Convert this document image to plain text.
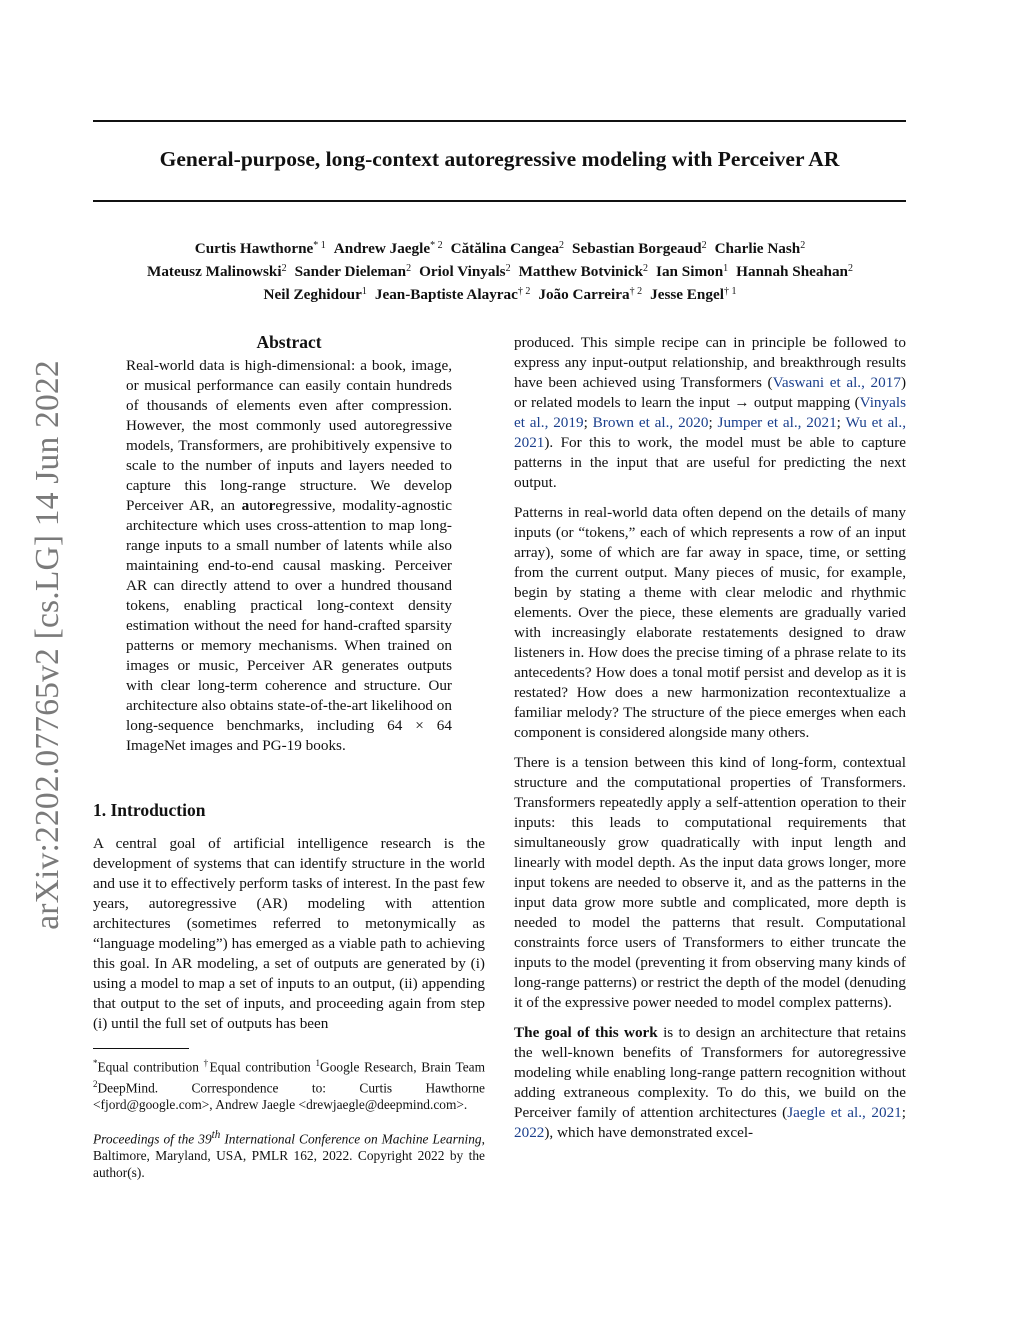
General-purpose, long-context autoregressive modeling with Perceiver AR
Curtis Hawthorne$^{* 1}$ Andrew Jaegle$^{* 2}$ Cătălina Cangea$^2$ Sebastian Borgeaud$^2$ Charlie Nash$^2$
Mateusz Malinowski$^2$ Sander Dieleman$^2$ Oriol Vinyals$^2$ Matthew Botvinick$^2$ Ian Simon$^1$ Hannah Sheahan$^2$
Neil Zeghidour$^1$ Jean-Baptiste Alayrac$^{\dagger 2}$ João Carreira$^{\dagger 2}$ Jesse Engel$^{\dagger 1}$
arXiv:2202.07765v2 [cs.LG] 14 Jun 2022
Abstract

Real-world data is high-dimensional: a book, image, or musical performance can easily contain hundreds of thousands of elements even after compression. However, the most commonly used autoregressive models, Transformers, are prohibitively expensive to scale to the number of inputs and layers needed to capture this long-range structure. We develop Perceiver AR, an autoregressive, modality-agnostic architecture which uses cross-attention to map long-range inputs to a small number of latents while also maintaining end-to-end causal masking. Perceiver AR can directly attend to over a hundred thousand tokens, enabling practical long-context density estimation without the need for hand-crafted sparsity patterns or memory mechanisms. When trained on images or music, Perceiver AR generates outputs with clear long-term coherence and structure. Our architecture also obtains state-of-the-art likelihood on long-sequence benchmarks, including 64 × 64 ImageNet images and PG-19 books.

1. Introduction

A central goal of artificial intelligence research is the development of systems that can identify structure in the world and use it to effectively perform tasks of interest. In the past few years, autoregressive (AR) modeling with attention architectures (sometimes referred to metonymically as “language modeling”) has emerged as a viable path to achieving this goal. In AR modeling, a set of outputs are generated by (i) using a model to map a set of inputs to an output, (ii) appending that output to the set of inputs, and proceeding again from step (i) until the full set of outputs has been

*Equal contribution †Equal contribution $^1$Google Research, Brain Team $^2$DeepMind. Correspondence to: Curtis Hawthorne <fjord@google.com>, Andrew Jaegle <drewjaegle@deepmind.com>.

Proceedings of the 39th International Conference on Machine Learning, Baltimore, Maryland, USA, PMLR 162, 2022. Copyright 2022 by the author(s).

produced. This simple recipe can in principle be followed to express any input-output relationship, and breakthrough results have been achieved using Transformers (Vaswani et al., 2017) or related models to learn the input → output mapping (Vinyals et al., 2019; Brown et al., 2020; Jumper et al., 2021; Wu et al., 2021). For this to work, the model must be able to capture patterns in the input that are useful for predicting the next output.

Patterns in real-world data often depend on the details of many inputs (or “tokens,” each of which represents a row of an input array), some of which are far away in space, time, or setting from the current output. Many pieces of music, for example, begin by stating a theme with clear melodic and rhythmic elements. Over the piece, these elements are gradually varied with increasingly elaborate restatements designed to draw listeners in. How does the precise timing of a phrase relate to its antecedents? How does a tonal motif persist and develop as it is restated? How does a new harmonization recontextualize a familiar melody? The structure of the piece emerges when each component is considered alongside many others.

There is a tension between this kind of long-form, contextual structure and the computational properties of Transformers. Transformers repeatedly apply a self-attention operation to their inputs: this leads to computational requirements that simultaneously grow quadratically with input length and linearly with model depth. As the input data grows longer, more input tokens are needed to observe it, and as the patterns in the input data grow more subtle and complicated, more depth is needed to model the patterns that result. Computational constraints force users of Transformers to either truncate the inputs to the model (preventing it from observing many kinds of long-range patterns) or restrict the depth of the model (denuding it of the expressive power needed to model complex patterns).

The goal of this work is to design an architecture that retains the well-known benefits of Transformers for autoregressive modeling while enabling long-range pattern recognition without adding extraneous complexity. To do this, we build on the Perceiver family of attention architectures (Jaegle et al., 2021; 2022), which have demonstrated excel-
